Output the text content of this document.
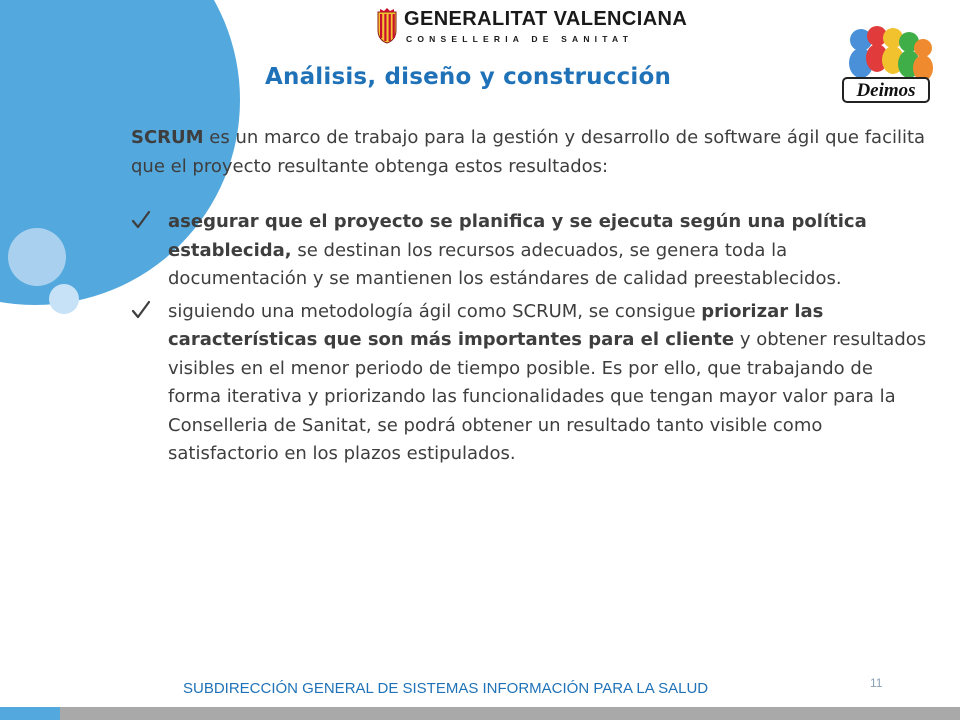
GENERALITAT VALENCIANA
CONSELLERIA DE SANITAT
Deimos
Análisis, diseño y construcción

SCRUM es un marco de trabajo para la gestión y desarrollo de software ágil que facilita que el proyecto resultante obtenga estos resultados:

asegurar que el proyecto se planifica y se ejecuta según una política establecida, se destinan los recursos adecuados, se genera toda la documentación y se mantienen los estándares de calidad preestablecidos.

siguiendo una metodología ágil como SCRUM, se consigue priorizar las características que son más importantes para el cliente y obtener resultados visibles en el menor periodo de tiempo posible. Es por ello, que trabajando de forma iterativa y priorizando las funcionalidades que tengan mayor valor para la Conselleria de Sanitat, se podrá obtener un resultado tanto visible como satisfactorio en los plazos estipulados.

SUBDIRECCIÓN GENERAL DE SISTEMAS INFORMACIÓN PARA LA SALUD	11
